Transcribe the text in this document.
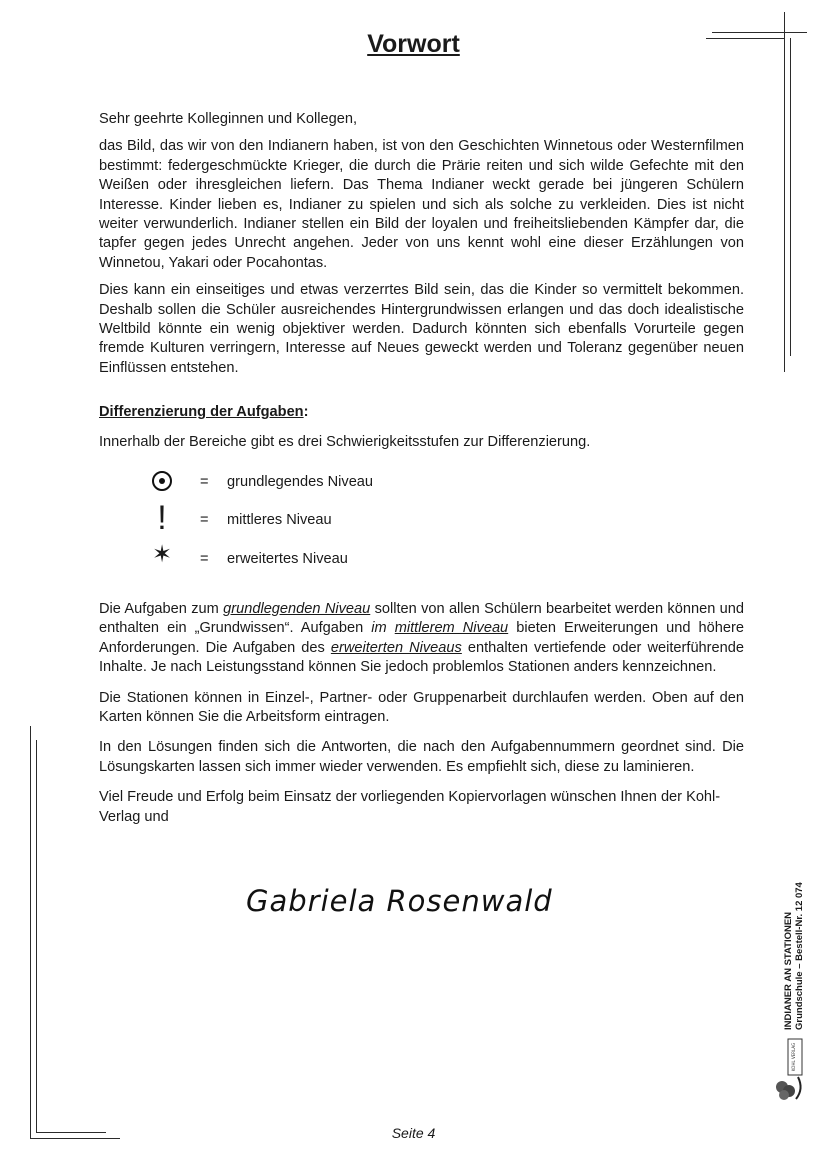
Vorwort

Sehr geehrte Kolleginnen und Kollegen,

das Bild, das wir von den Indianern haben, ist von den Geschichten Winnetous oder Westernfilmen bestimmt: federgeschmückte Krieger, die durch die Prärie reiten und sich wilde Gefechte mit den Weißen oder ihresgleichen liefern. Das Thema Indianer weckt gerade bei jüngeren Schülern Interesse. Kinder lieben es, Indianer zu spielen und sich als solche zu verkleiden. Dies ist nicht weiter verwunderlich. Indianer stellen ein Bild der loyalen und freiheitsliebenden Kämpfer dar, die tapfer gegen jedes Unrecht angehen. Jeder von uns kennt wohl eine dieser Erzählungen von Winnetou, Yakari oder Pocahontas.

Dies kann ein einseitiges und etwas verzerrtes Bild sein, das die Kinder so vermittelt bekommen. Deshalb sollen die Schüler ausreichendes Hintergrundwissen erlangen und das doch idealistische Weltbild könnte ein wenig objektiver werden. Dadurch könnten sich ebenfalls Vorurteile gegen fremde Kulturen verringern, Interesse auf Neues geweckt werden und Toleranz gegenüber neuen Einflüssen entstehen.

Differenzierung der Aufgaben:
Innerhalb der Bereiche gibt es drei Schwierigkeitsstufen zur Differenzierung.
= grundlegendes Niveau
!	= mittleres Niveau
✶ = erweitertes Niveau

Die Aufgaben zum grundlegenden Niveau sollten von allen Schülern bearbeitet werden können und enthalten ein „Grundwissen“. Aufgaben im mittlerem Niveau bieten Erweiterungen und höhere Anforderungen. Die Aufgaben des erweiterten Niveaus enthalten vertiefende oder weiterführende Inhalte. Je nach Leistungsstand können Sie jedoch problemlos Stationen anders kennzeichnen.

Die Stationen können in Einzel-, Partner- oder Gruppenarbeit durchlaufen werden. Oben auf den Karten können Sie die Arbeitsform eintragen.

In den Lösungen finden sich die Antworten, die nach den Aufgabennummern geordnet sind. Die Lösungskarten lassen sich immer wieder verwenden. Es empfiehlt sich, diese zu laminieren.

Viel Freude und Erfolg beim Einsatz der vorliegenden Kopiervorlagen wünschen Ihnen der Kohl-Verlag und

Gabriela Rosenwald
INDIANER AN STATIONEN Grundschule – Bestell-Nr. 12 074
KOHL VERLAG
Seite 4
